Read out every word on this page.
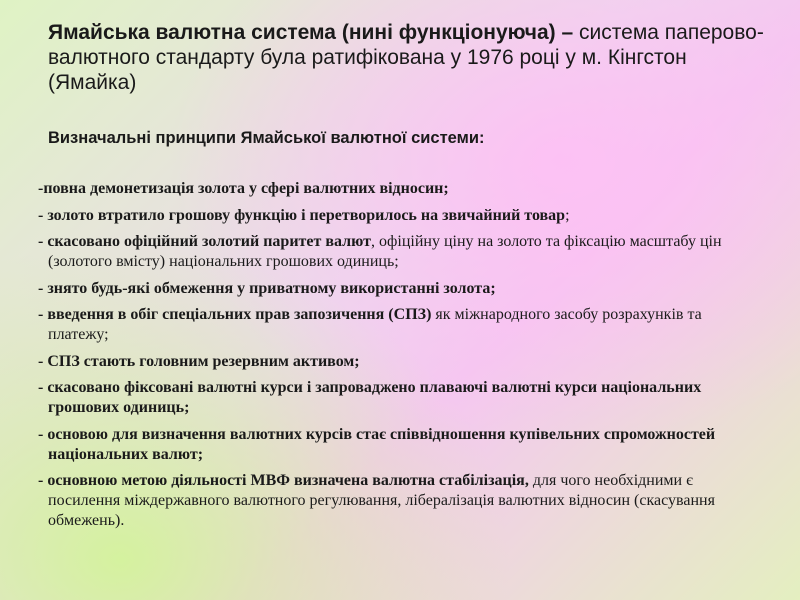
Ямайська валютна система (нині функціонуюча) – система паперово-валютного стандарту була ратифікована у 1976 році у м. Кінгстон (Ямайка)
Визначальні принципи Ямайської валютної системи:
-повна демонетизація золота у сфері валютних відносин;
- золото втратило грошову функцію і перетворилось на звичайний товар;
- скасовано офіційний золотий паритет валют, офіційну ціну на золото та фіксацію масштабу цін (золотого вмісту) національних грошових одиниць;
- знято будь-які обмеження у приватному використанні золота;
- введення в обіг спеціальних прав запозичення (СПЗ) як міжнародного засобу розрахунків та платежу;
- СПЗ стають головним резервним активом;
- скасовано фіксовані валютні курси і запроваджено плаваючі валютні курси національних грошових одиниць;
- основою для визначення валютних курсів стає співвідношення купівельних спроможностей національних валют;
- основною метою діяльності МВФ визначена валютна стабілізація, для чого необхідними є посилення міждержавного валютного регулювання, лібералізація валютних відносин (скасування обмежень).
